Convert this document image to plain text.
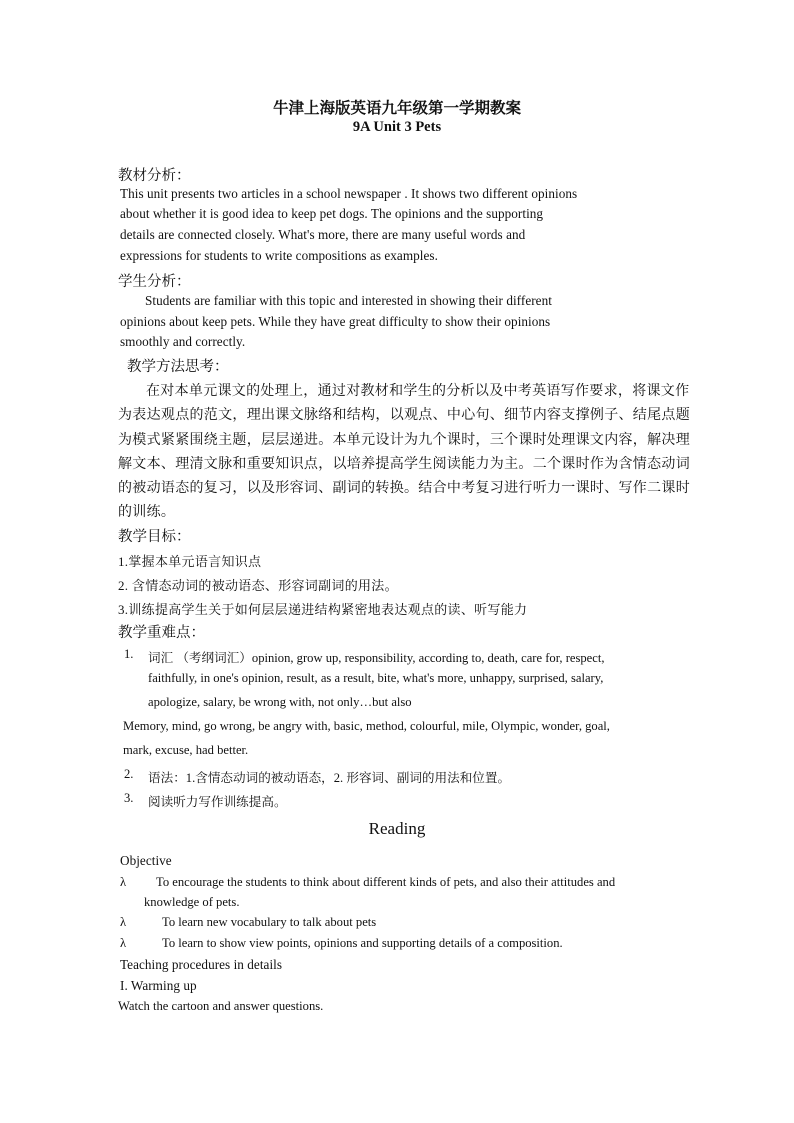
牛津上海版英语九年级第一学期教案
9A Unit 3 Pets
教材分析：
This unit presents two articles in a school newspaper . It shows two different opinions
about whether it is good idea to keep pet dogs. The opinions and the supporting
details are connected closely. What's more, there are many useful words and
expressions for students to write compositions as examples.
学生分析：
Students are familiar with this topic and interested in showing their different
opinions about keep pets. While they have great difficulty to show their opinions
smoothly and correctly.
教学方法思考：
在对本单元课文的处理上，通过对教材和学生的分析以及中考英语写作要求，将课文作
为表达观点的范文，理出课文脉络和结构，以观点、中心句、细节内容支撑例子、结尾点题
为模式紧紧围绕主题，层层递进。本单元设计为九个课时，三个课时处理课文内容，解决理
解文本、理清文脉和重要知识点，以培养提高学生阅读能力为主。二个课时作为含情态动词
的被动语态的复习，以及形容词、副词的转换。结合中考复习进行听力一课时、写作二课时
的训练。
教学目标：
1.掌握本单元语言知识点
2. 含情态动词的被动语态、形容词副词的用法。
3.训练提高学生关于如何层层递进结构紧密地表达观点的读、听写能力
教学重难点：
1. 词汇 （考纲词汇）opinion, grow up, responsibility, according to, death, care for, respect,
faithfully, in one's opinion, result, as a result, bite, what's more, unhappy, surprised, salary,
apologize, salary, be wrong with, not only…but also
Memory, mind, go wrong, be angry with, basic, method, colourful, mile, Olympic, wonder, goal,
mark, excuse, had better.
2. 语法：1.含情态动词的被动语态，2. 形容词、副词的用法和位置。
3. 阅读听力写作训练提高。
Reading
Objective
λ To encourage the students to think about different kinds of pets, and also their attitudes and
knowledge of pets.
λ	To learn new vocabulary to talk about pets
λ	To learn to show view points, opinions and supporting details of a composition.
Teaching procedures in details
I. Warming up
Watch the cartoon and answer questions.
